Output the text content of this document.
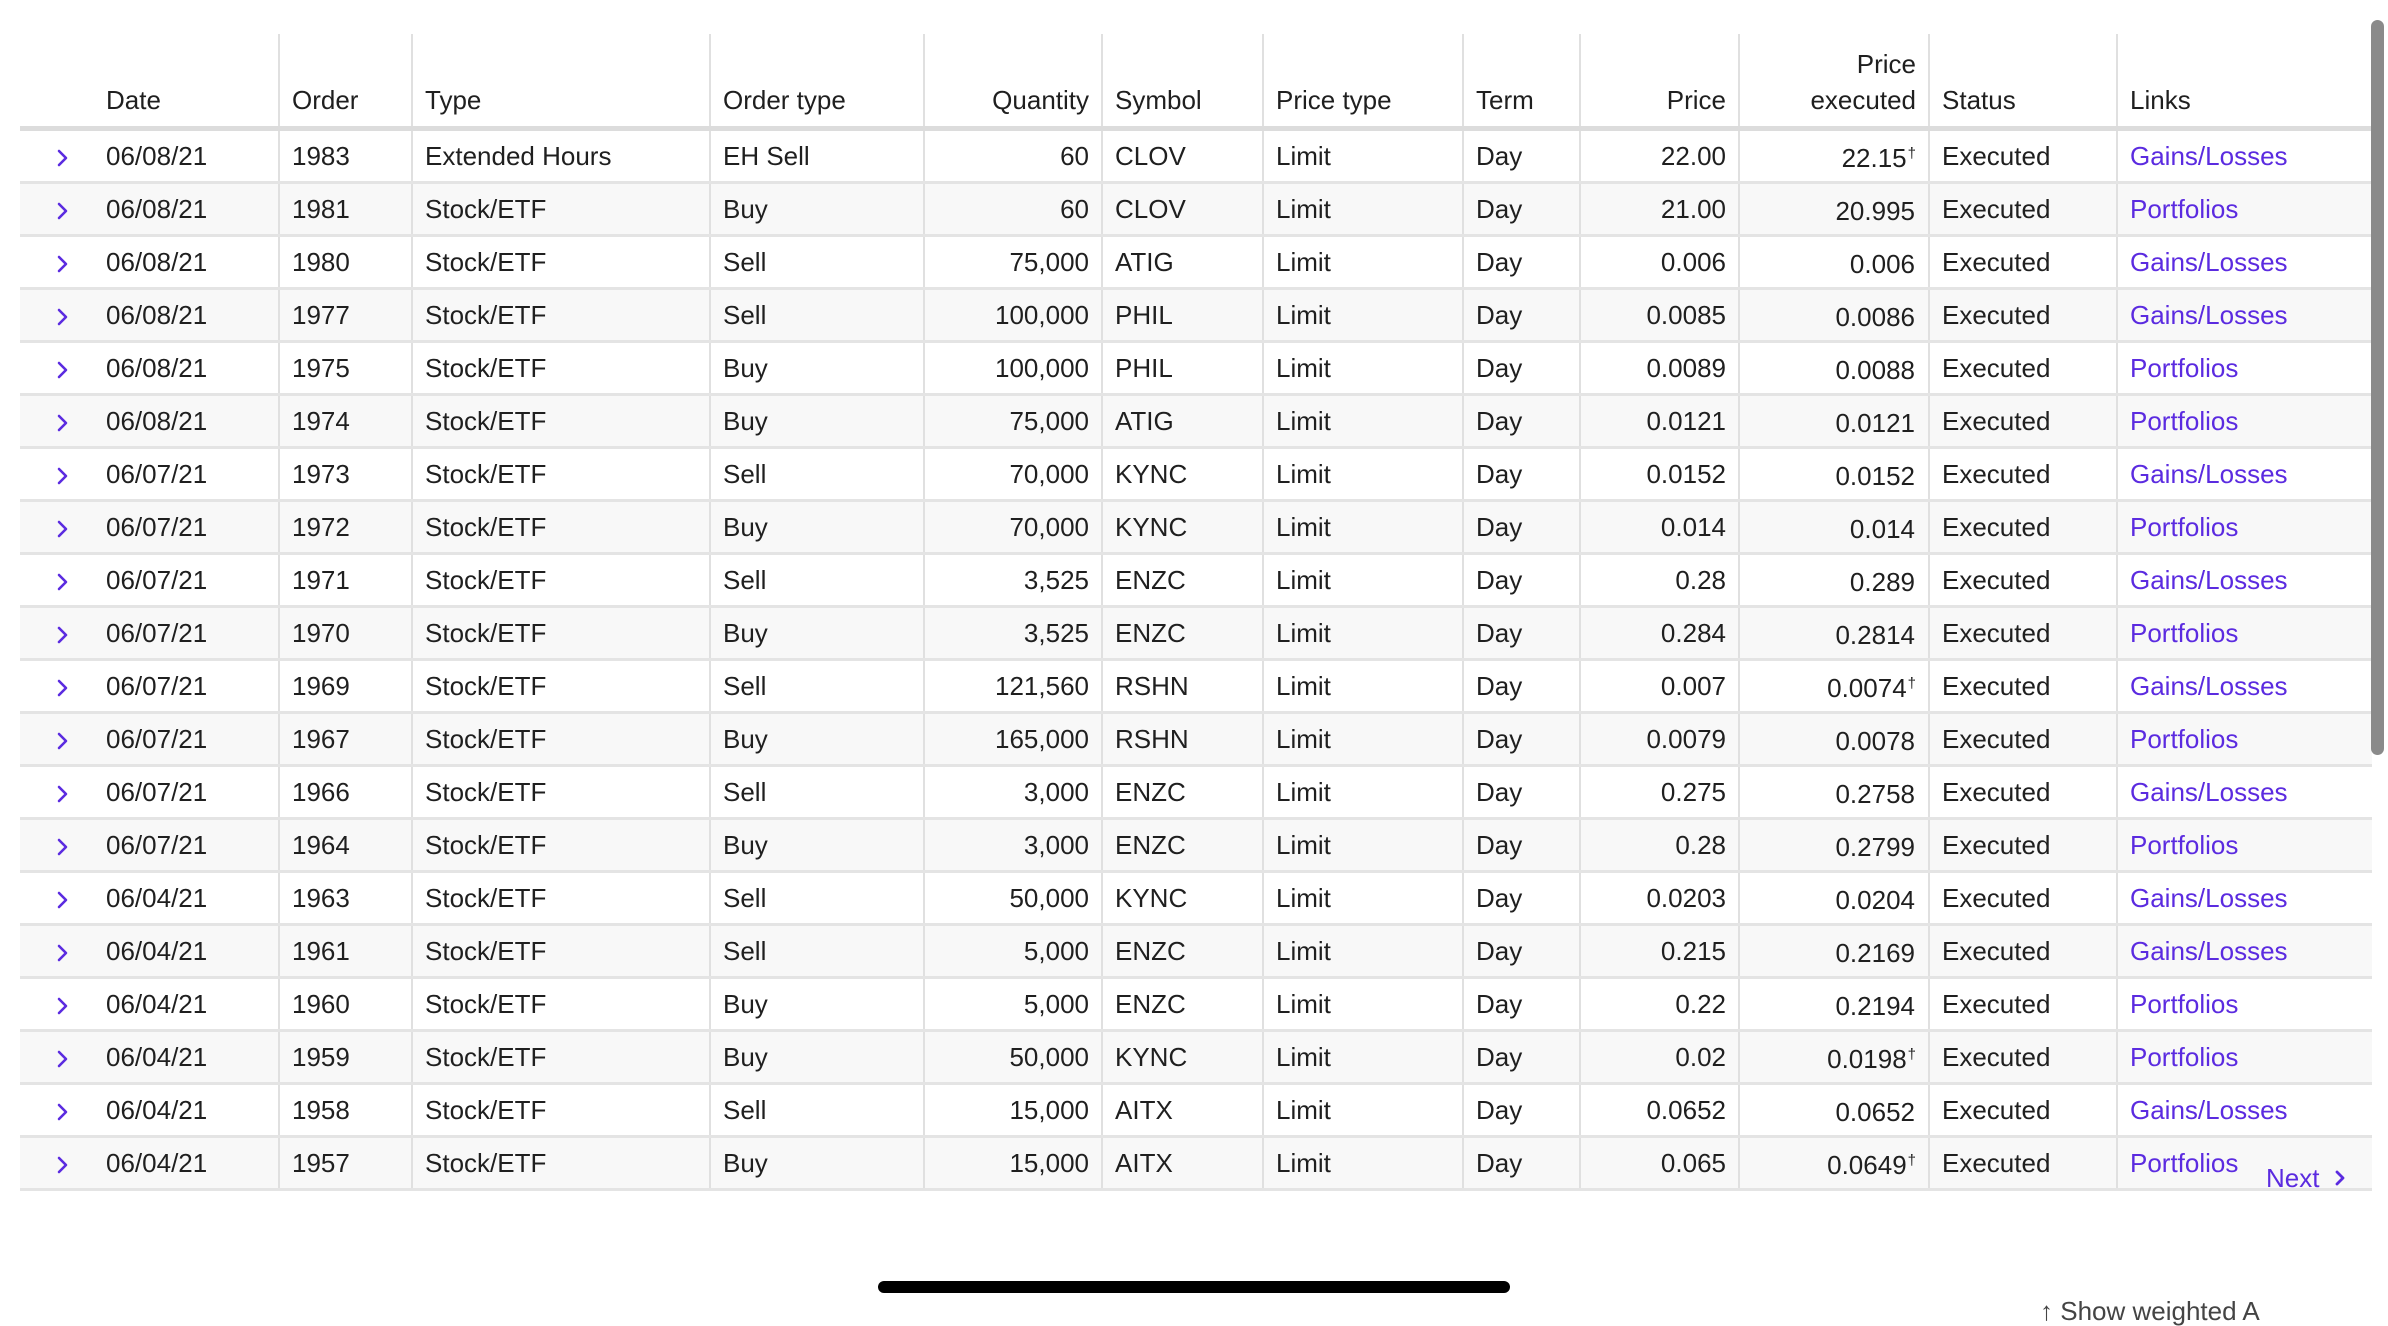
Date	Order	Type	Order type	Quantity	Symbol	Price type	Term	Price	Price executed	Status	Links
06/08/21	1983	Extended Hours	EH Sell	60	CLOV	Limit	Day	22.00	22.15†	Executed	Gains/Losses
06/08/21	1981	Stock/ETF	Buy	60	CLOV	Limit	Day	21.00	20.995	Executed	Portfolios
06/08/21	1980	Stock/ETF	Sell	75,000	ATIG	Limit	Day	0.006	0.006	Executed	Gains/Losses
06/08/21	1977	Stock/ETF	Sell	100,000	PHIL	Limit	Day	0.0085	0.0086	Executed	Gains/Losses
06/08/21	1975	Stock/ETF	Buy	100,000	PHIL	Limit	Day	0.0089	0.0088	Executed	Portfolios
06/08/21	1974	Stock/ETF	Buy	75,000	ATIG	Limit	Day	0.0121	0.0121	Executed	Portfolios
06/07/21	1973	Stock/ETF	Sell	70,000	KYNC	Limit	Day	0.0152	0.0152	Executed	Gains/Losses
06/07/21	1972	Stock/ETF	Buy	70,000	KYNC	Limit	Day	0.014	0.014	Executed	Portfolios
06/07/21	1971	Stock/ETF	Sell	3,525	ENZC	Limit	Day	0.28	0.289	Executed	Gains/Losses
06/07/21	1970	Stock/ETF	Buy	3,525	ENZC	Limit	Day	0.284	0.2814	Executed	Portfolios
06/07/21	1969	Stock/ETF	Sell	121,560	RSHN	Limit	Day	0.007	0.0074†	Executed	Gains/Losses
06/07/21	1967	Stock/ETF	Buy	165,000	RSHN	Limit	Day	0.0079	0.0078	Executed	Portfolios
06/07/21	1966	Stock/ETF	Sell	3,000	ENZC	Limit	Day	0.275	0.2758	Executed	Gains/Losses
06/07/21	1964	Stock/ETF	Buy	3,000	ENZC	Limit	Day	0.28	0.2799	Executed	Portfolios
06/04/21	1963	Stock/ETF	Sell	50,000	KYNC	Limit	Day	0.0203	0.0204	Executed	Gains/Losses
06/04/21	1961	Stock/ETF	Sell	5,000	ENZC	Limit	Day	0.215	0.2169	Executed	Gains/Losses
06/04/21	1960	Stock/ETF	Buy	5,000	ENZC	Limit	Day	0.22	0.2194	Executed	Portfolios
06/04/21	1959	Stock/ETF	Buy	50,000	KYNC	Limit	Day	0.02	0.0198†	Executed	Portfolios
06/04/21	1958	Stock/ETF	Sell	15,000	AITX	Limit	Day	0.0652	0.0652	Executed	Gains/Losses
06/04/21	1957	Stock/ETF	Buy	15,000	AITX	Limit	Day	0.065	0.0649†	Executed	Portfolios
Next
↑ Show weighted A
